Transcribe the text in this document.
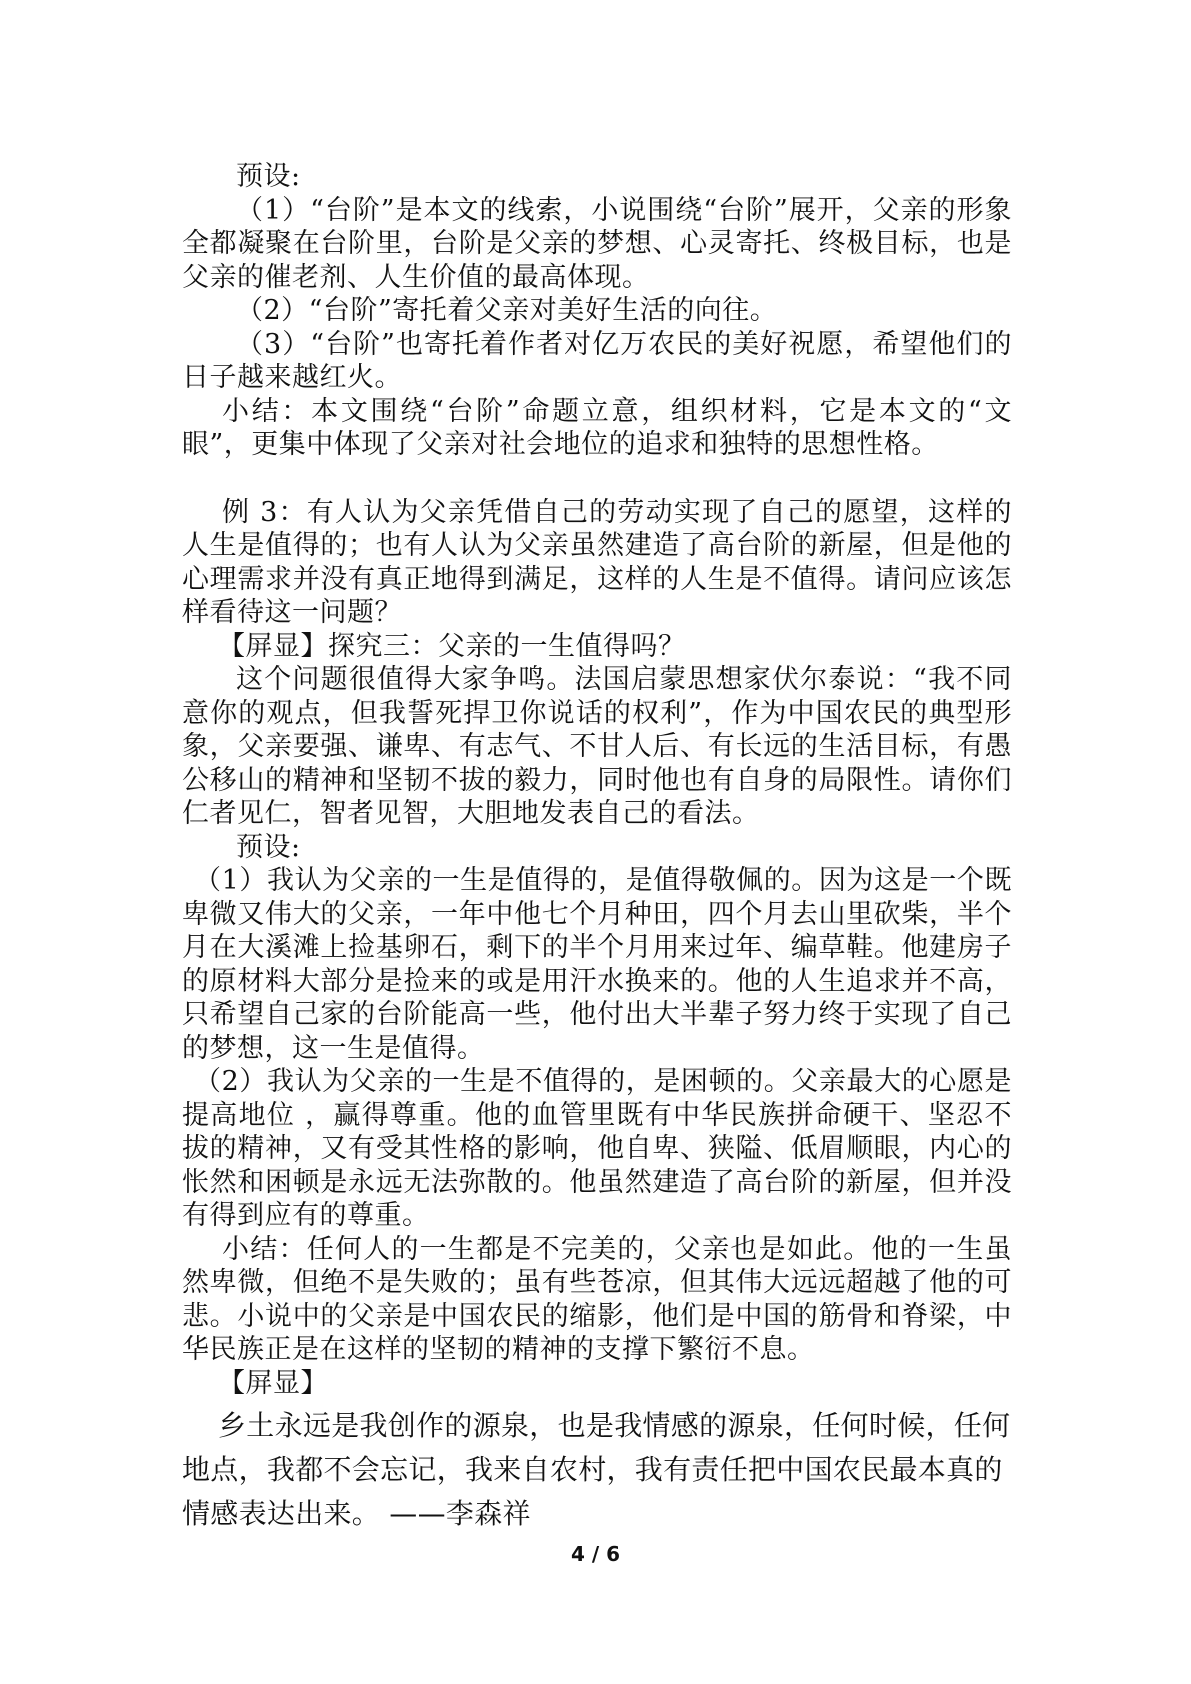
预设:

（1）“台阶”是本文的线索，小说围绕“台阶”展开，父亲的形象全都凝聚在台阶里，台阶是父亲的梦想、心灵寄托、终极目标，也是父亲的催老剂、人生价值的最高体现。

（2）“台阶”寄托着父亲对美好生活的向往。

（3）“台阶”也寄托着作者对亿万农民的美好祝愿，希望他们的日子越来越红火。

小结：本文围绕“台阶”命题立意，组织材料，它是本文的“文眼”，更集中体现了父亲对社会地位的追求和独特的思想性格。

例 3：有人认为父亲凭借自己的劳动实现了自己的愿望，这样的人生是值得的；也有人认为父亲虽然建造了高台阶的新屋，但是他的心理需求并没有真正地得到满足，这样的人生是不值得。请问应该怎样看待这一问题？

【屏显】探究三：父亲的一生值得吗？

这个问题很值得大家争鸣。法国启蒙思想家伏尔泰说：“我不同意你的观点，但我誓死捍卫你说话的权利”，作为中国农民的典型形象，父亲要强、谦卑、有志气、不甘人后、有长远的生活目标，有愚公移山的精神和坚韧不拔的毅力，同时他也有自身的局限性。请你们仁者见仁，智者见智，大胆地发表自己的看法。

预设:

（1）我认为父亲的一生是值得的，是值得敬佩的。因为这是一个既卑微又伟大的父亲，一年中他七个月种田，四个月去山里砍柴，半个月在大溪滩上捡基卵石，剩下的半个月用来过年、编草鞋。他建房子的原材料大部分是捡来的或是用汗水换来的。他的人生追求并不高，只希望自己家的台阶能高一些，他付出大半辈子努力终于实现了自己的梦想，这一生是值得。

（2）我认为父亲的一生是不值得的，是困顿的。父亲最大的心愿是提高地位 ，赢得尊重。他的血管里既有中华民族拼命硬干、坚忍不拔的精神，又有受其性格的影响，他自卑、狭隘、低眉顺眼，内心的怅然和困顿是永远无法弥散的。他虽然建造了高台阶的新屋，但并没有得到应有的尊重。

小结：任何人的一生都是不完美的，父亲也是如此。他的一生虽然卑微，但绝不是失败的；虽有些苍凉，但其伟大远远超越了他的可悲。小说中的父亲是中国农民的缩影，他们是中国的筋骨和脊梁，中华民族正是在这样的坚韧的精神的支撑下繁衍不息。

【屏显】

乡土永远是我创作的源泉，也是我情感的源泉，任何时候，任何地点，我都不会忘记，我来自农村，我有责任把中国农民最本真的情感表达出来。 ——李森祥

4 / 6
